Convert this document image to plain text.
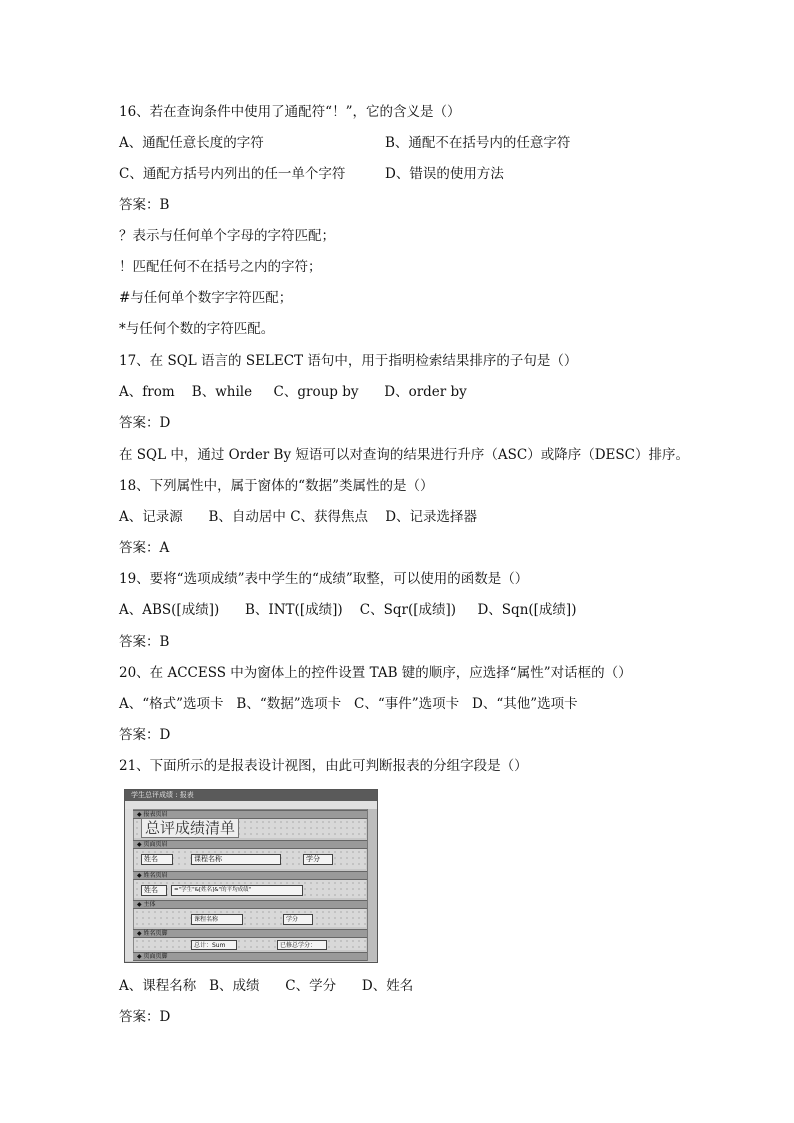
16、若在查询条件中使用了通配符“！”，它的含义是（）
A、通配任意长度的字符	B、通配不在括号内的任意字符
C、通配方括号内列出的任一单个字符	D、错误的使用方法
答案：B
？表示与任何单个字母的字符匹配；
！匹配任何不在括号之内的字符；
#与任何单个数字字符匹配；
*与任何个数的字符匹配。
17、在 SQL 语言的 SELECT 语句中，用于指明检索结果排序的子句是（）
A、from    B、while     C、group by      D、order by
答案：D
在 SQL 中，通过 Order By 短语可以对查询的结果进行升序（ASC）或降序（DESC）排序。
18、下列属性中，属于窗体的“数据”类属性的是（）
A、记录源      B、自动居中 C、获得焦点    D、记录选择器
答案：A
19、要将“选项成绩”表中学生的“成绩”取整，可以使用的函数是（）
A、ABS([成绩])      B、INT([成绩])    C、Sqr([成绩])     D、Sqn([成绩])
答案：B
20、在 ACCESS 中为窗体上的控件设置 TAB 键的顺序，应选择“属性”对话框的（）
A、“格式”选项卡   B、“数据”选项卡   C、“事件”选项卡   D、“其他”选项卡
答案：D
21、下面所示的是报表设计视图，由此可判断报表的分组字段是（）
学生总评成绩 : 报表
◆ 报表页眉
总评成绩清单
◆ 页面页眉
姓名	课程名称	学分
◆ 姓名页眉
姓名	="学生"&[姓名]&"的平均成绩"
◆ 主体
课程名称	学分
◆ 姓名页脚
总计：Sum	已修总学分：
◆ 页面页脚
A、课程名称   B、成绩      C、学分      D、姓名
答案：D
